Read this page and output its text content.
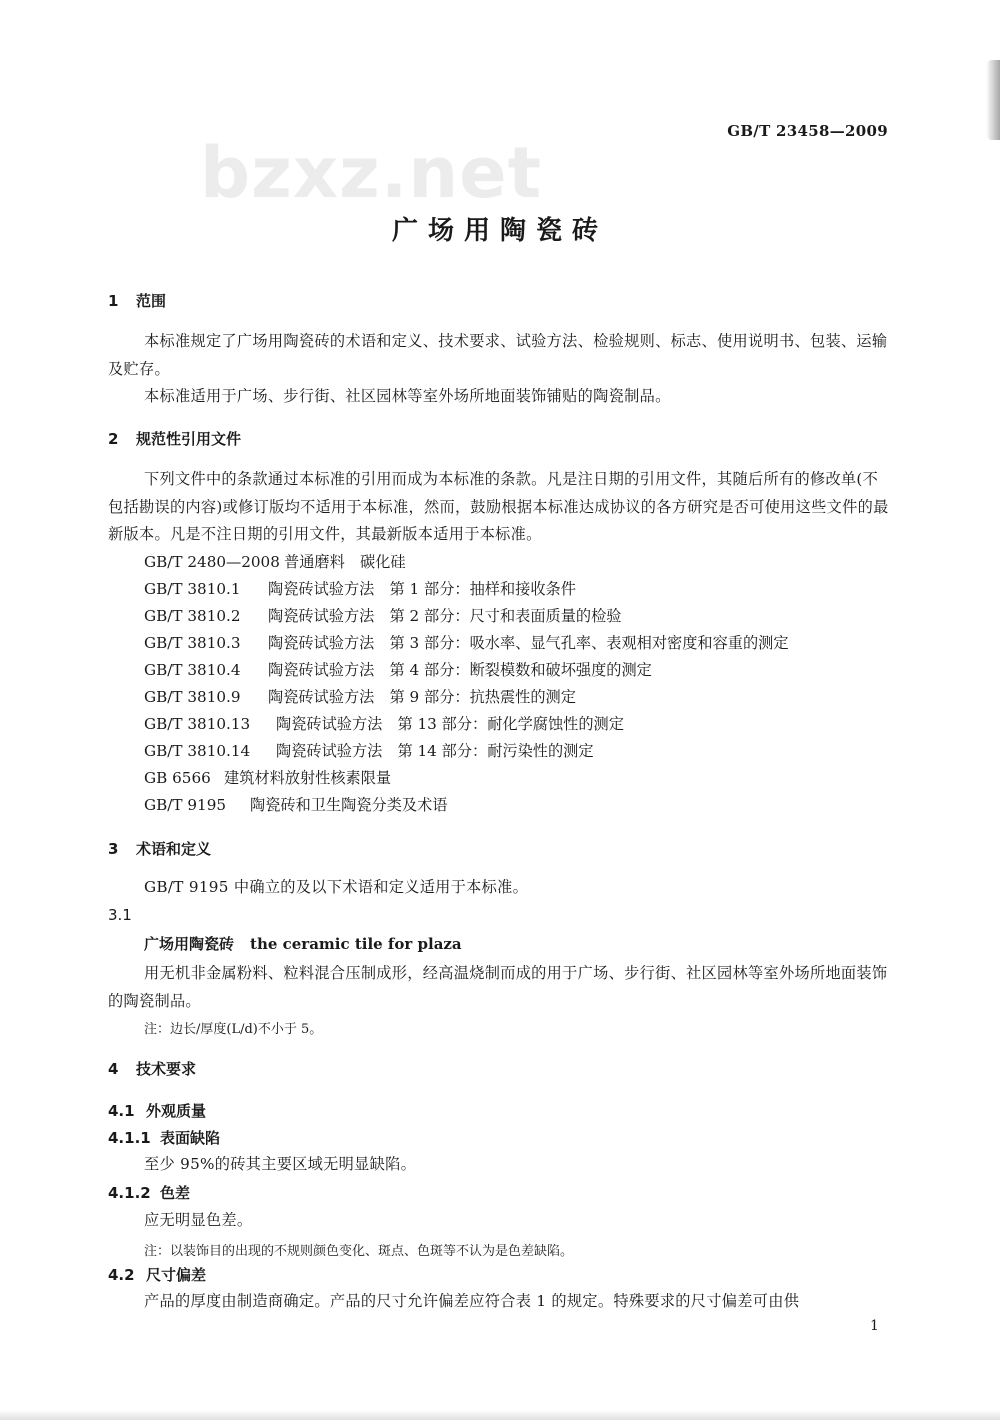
bzxz.net
GB/T 23458—2009
广场用陶瓷砖
1 范围
本标准规定了广场用陶瓷砖的术语和定义、技术要求、试验方法、检验规则、标志、使用说明书、包装、运输及贮存。
本标准适用于广场、步行街、社区园林等室外场所地面装饰铺贴的陶瓷制品。
2 规范性引用文件
下列文件中的条款通过本标准的引用而成为本标准的条款。凡是注日期的引用文件，其随后所有的修改单(不包括勘误的内容)或修订版均不适用于本标准，然而，鼓励根据本标准达成协议的各方研究是否可使用这些文件的最新版本。凡是不注日期的引用文件，其最新版本适用于本标准。
GB/T 2480—2008 普通磨料　碳化硅
GB/T 3810.1 陶瓷砖试验方法　第 1 部分：抽样和接收条件
GB/T 3810.2 陶瓷砖试验方法　第 2 部分：尺寸和表面质量的检验
GB/T 3810.3 陶瓷砖试验方法　第 3 部分：吸水率、显气孔率、表观相对密度和容重的测定
GB/T 3810.4 陶瓷砖试验方法　第 4 部分：断裂模数和破坏强度的测定
GB/T 3810.9 陶瓷砖试验方法　第 9 部分：抗热震性的测定
GB/T 3810.13 陶瓷砖试验方法　第 13 部分：耐化学腐蚀性的测定
GB/T 3810.14 陶瓷砖试验方法　第 14 部分：耐污染性的测定
GB 6566 建筑材料放射性核素限量
GB/T 9195 陶瓷砖和卫生陶瓷分类及术语
3 术语和定义
GB/T 9195 中确立的及以下术语和定义适用于本标准。
3.1
广场用陶瓷砖 the ceramic tile for plaza
用无机非金属粉料、粒料混合压制成形，经高温烧制而成的用于广场、步行街、社区园林等室外场所地面装饰的陶瓷制品。
注：边长/厚度(L/d)不小于 5。
4 技术要求
4.1 外观质量
4.1.1 表面缺陷
至少 95%的砖其主要区域无明显缺陷。
4.1.2 色差
应无明显色差。
注：以装饰目的出现的不规则颜色变化、斑点、色斑等不认为是色差缺陷。
4.2 尺寸偏差
产品的厚度由制造商确定。产品的尺寸允许偏差应符合表 1 的规定。特殊要求的尺寸偏差可由供
1
